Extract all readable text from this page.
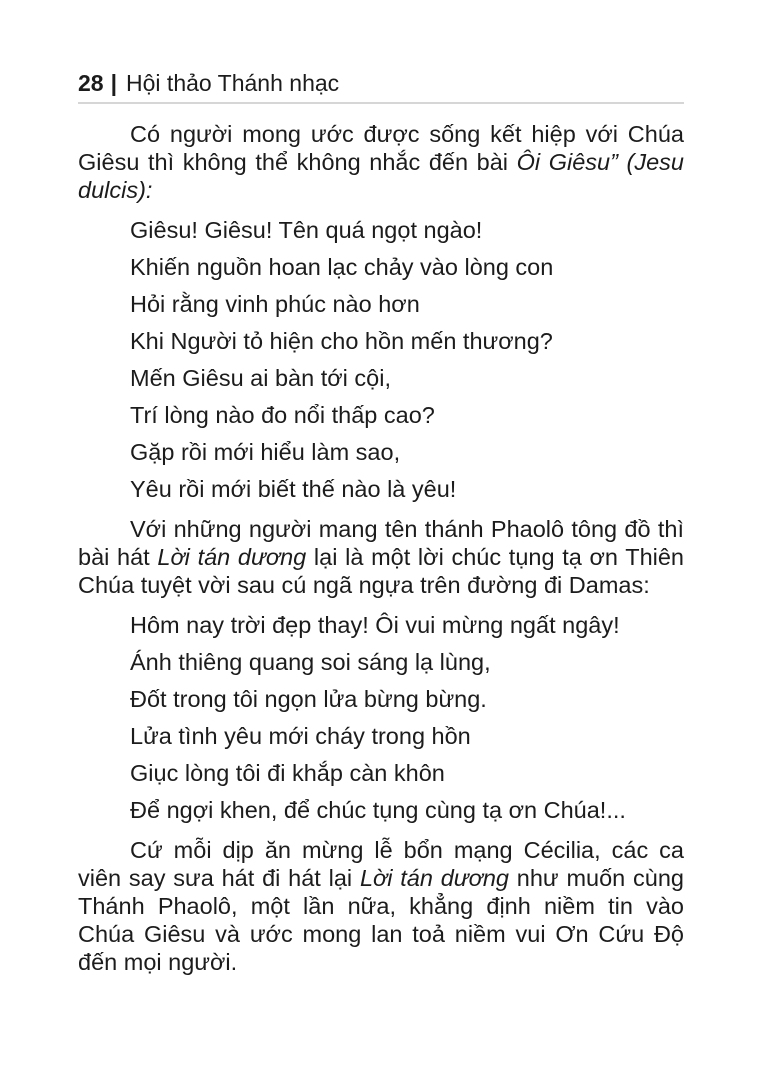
28 | Hội thảo Thánh nhạc
Có người mong ước được sống kết hiệp với Chúa
Giêsu thì không thể không nhắc đến bài Ôi Giêsu” (Jesu
dulcis):
Giêsu! Giêsu! Tên quá ngọt ngào!
Khiến nguồn hoan lạc chảy vào lòng con
Hỏi rằng vinh phúc nào hơn
Khi Người tỏ hiện cho hồn mến thương?
Mến Giêsu ai bàn tới cội,
Trí lòng nào đo nổi thấp cao?
Gặp rồi mới hiểu làm sao,
Yêu rồi mới biết thế nào là yêu!
Với những người mang tên thánh Phaolô tông đồ thì
bài hát Lời tán dương lại là một lời chúc tụng tạ ơn Thiên
Chúa tuyệt vời sau cú ngã ngựa trên đường đi Damas:
Hôm nay trời đẹp thay! Ôi vui mừng ngất ngây!
Ánh thiêng quang soi sáng lạ lùng,
Đốt trong tôi ngọn lửa bừng bừng.
Lửa tình yêu mới cháy trong hồn
Giục lòng tôi đi khắp càn khôn
Để ngợi khen, để chúc tụng cùng tạ ơn Chúa!...
Cứ mỗi dịp ăn mừng lễ bổn mạng Cécilia, các ca
viên say sưa hát đi hát lại Lời tán dương như muốn cùng
Thánh Phaolô, một lần nữa, khẳng định niềm tin vào
Chúa Giêsu và ước mong lan toả niềm vui Ơn Cứu Độ
đến mọi người.
